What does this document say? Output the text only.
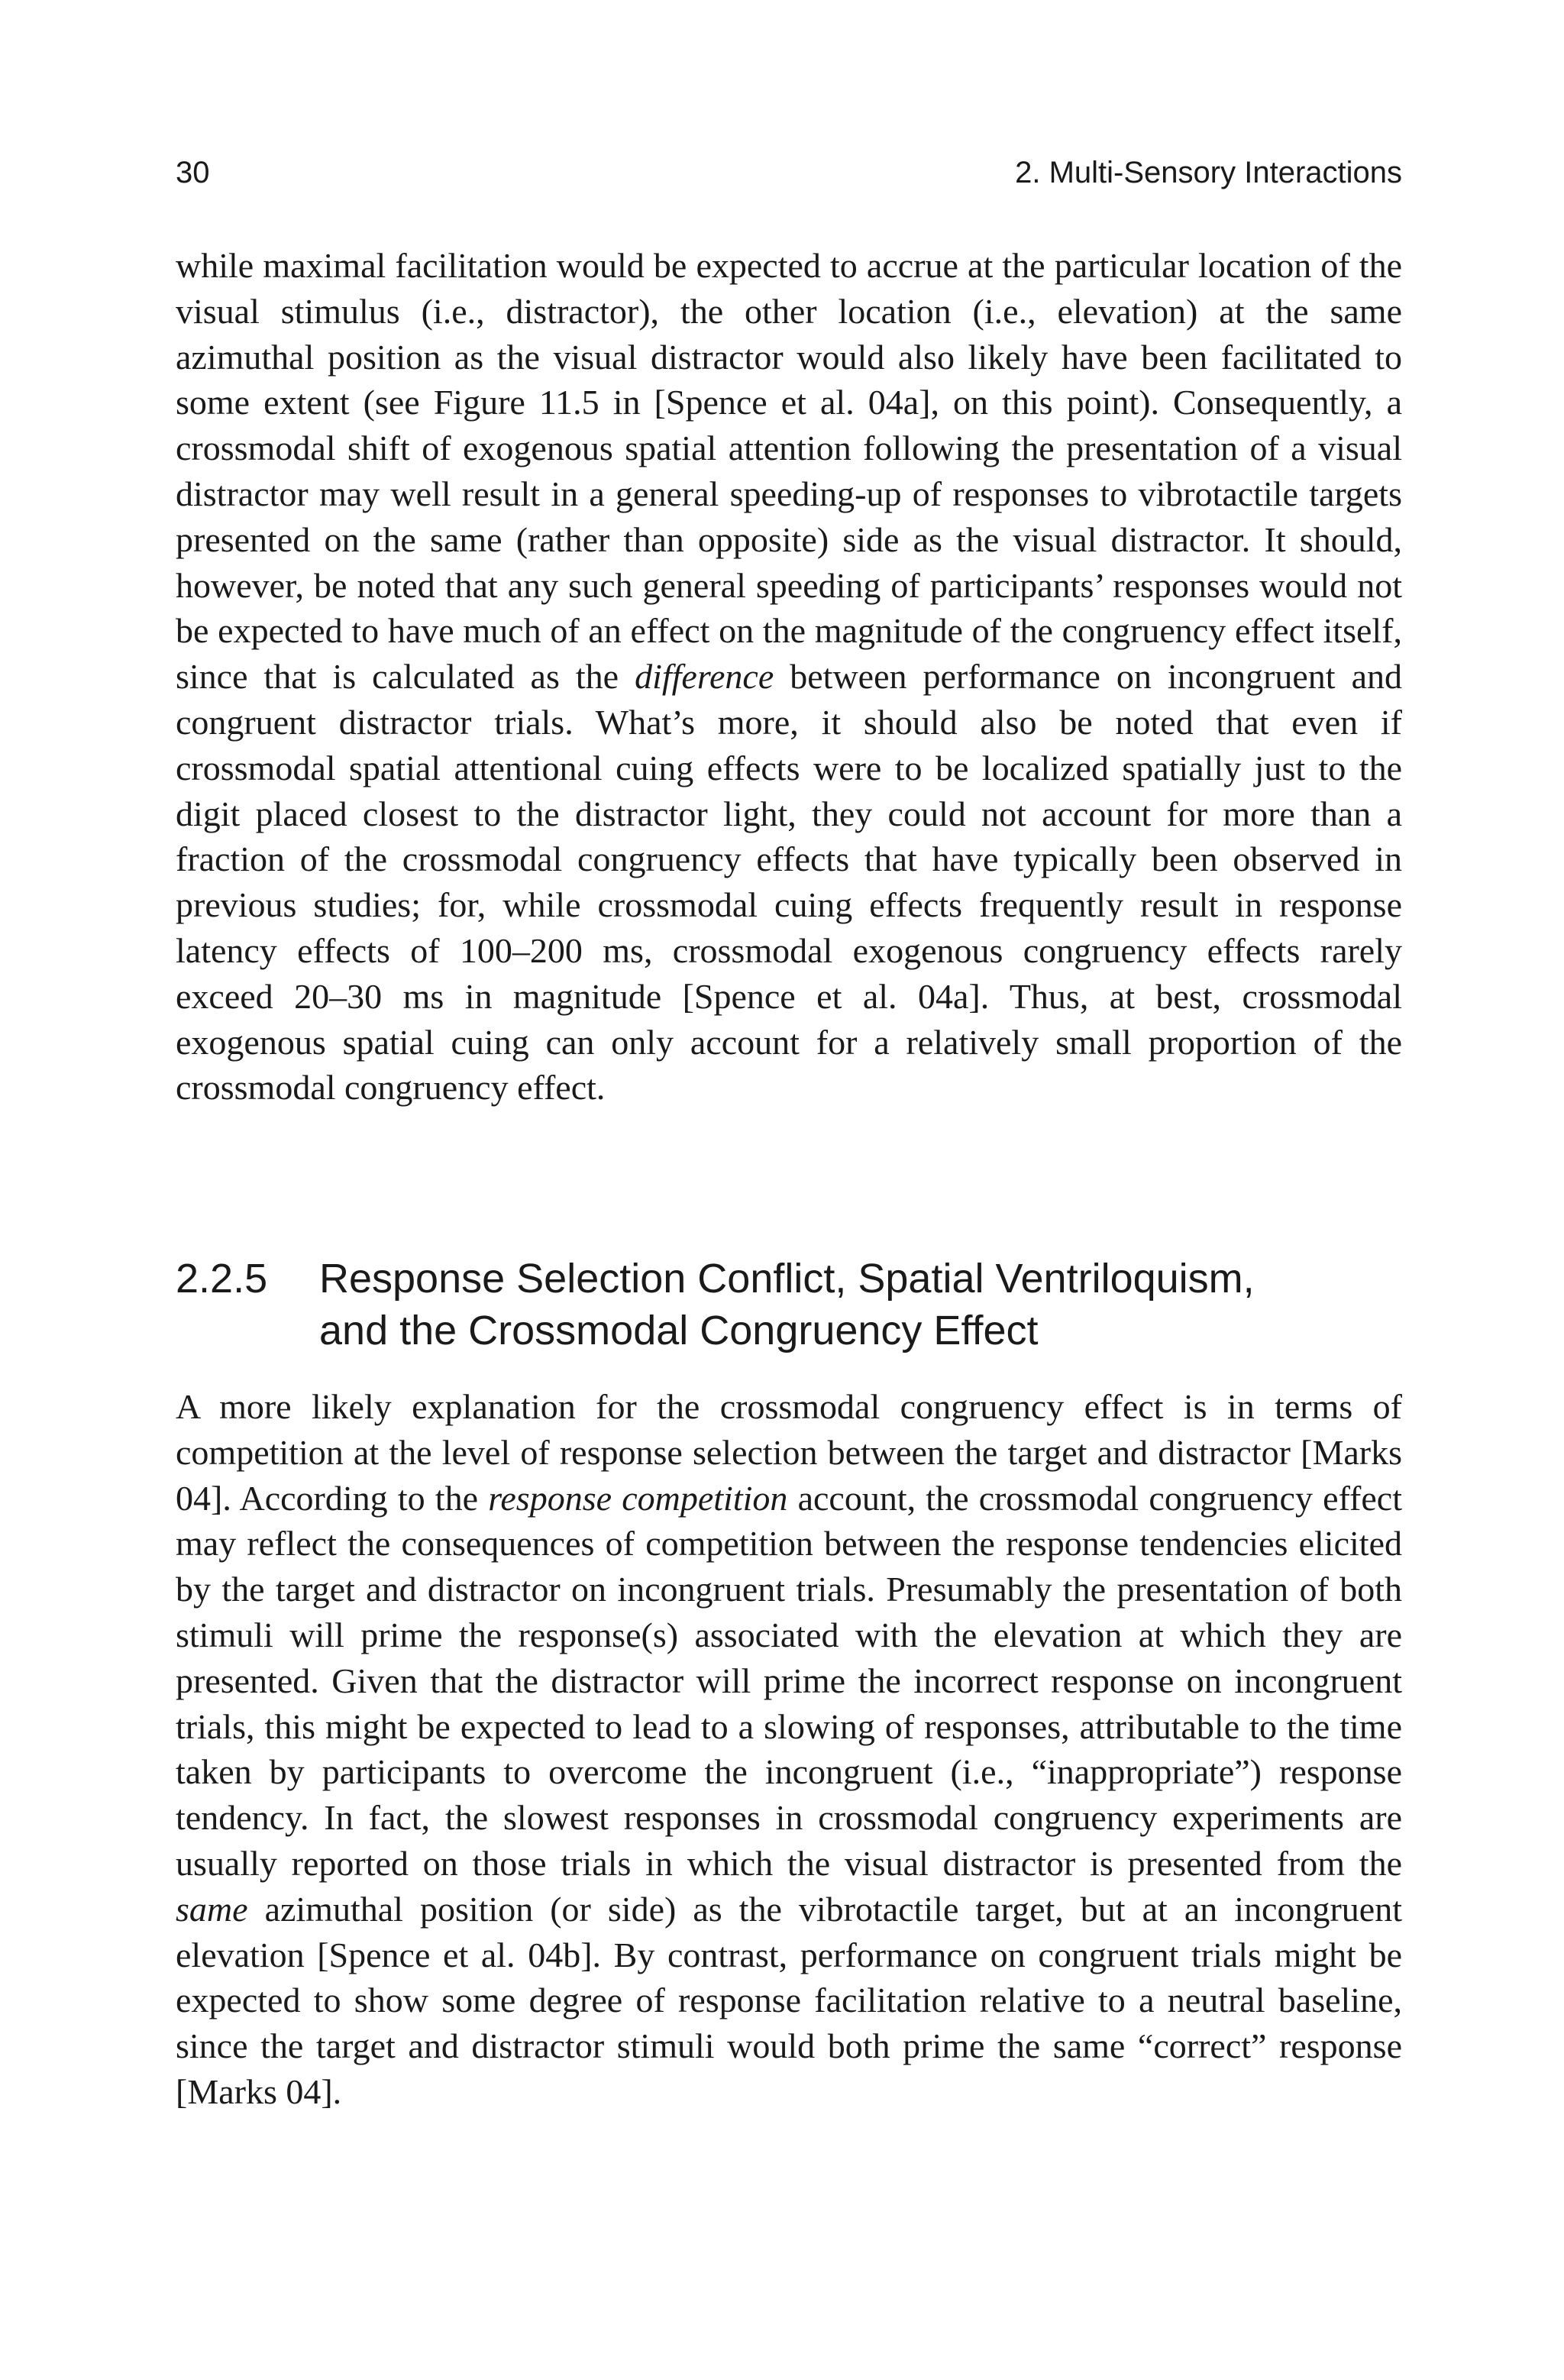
30	2. Multi-Sensory Interactions

while maximal facilitation would be expected to accrue at the particular location of the visual stimulus (i.e., distractor), the other location (i.e., elevation) at the same azimuthal position as the visual distractor would also likely have been facilitated to some extent (see Figure 11.5 in [Spence et al. 04a], on this point). Consequently, a crossmodal shift of exogenous spatial attention following the presentation of a visual distractor may well result in a general speeding-up of responses to vibrotactile targets presented on the same (rather than opposite) side as the visual distractor. It should, however, be noted that any such general speeding of participants’ responses would not be expected to have much of an effect on the magnitude of the congruency effect itself, since that is calculated as the difference between performance on incongruent and congruent distractor trials. What’s more, it should also be noted that even if crossmodal spatial attentional cuing effects were to be localized spatially just to the digit placed closest to the distractor light, they could not account for more than a fraction of the crossmodal congruency effects that have typically been observed in previous studies; for, while crossmodal cuing effects frequently result in response latency effects of 100–200 ms, crossmodal exogenous congruency effects rarely exceed 20–30 ms in magnitude [Spence et al. 04a]. Thus, at best, crossmodal exogenous spatial cuing can only account for a relatively small proportion of the crossmodal congruency effect.

2.2.5 Response Selection Conflict, Spatial Ventriloquism,
and the Crossmodal Congruency Effect

A more likely explanation for the crossmodal congruency effect is in terms of competition at the level of response selection between the target and distractor [Marks 04]. According to the response competition account, the crossmodal congruency effect may reflect the consequences of competition between the response tendencies elicited by the target and distractor on incongruent trials. Presumably the presentation of both stimuli will prime the response(s) associated with the elevation at which they are presented. Given that the distractor will prime the incorrect response on incongruent trials, this might be expected to lead to a slowing of responses, attributable to the time taken by participants to overcome the incongruent (i.e., “inappropriate”) response tendency. In fact, the slowest responses in crossmodal congruency experiments are usually reported on those trials in which the visual distractor is presented from the same azimuthal position (or side) as the vibrotactile target, but at an incongruent elevation [Spence et al. 04b]. By contrast, performance on congruent trials might be expected to show some degree of response facilitation relative to a neutral baseline, since the target and distractor stimuli would both prime the same “correct” response [Marks 04].
